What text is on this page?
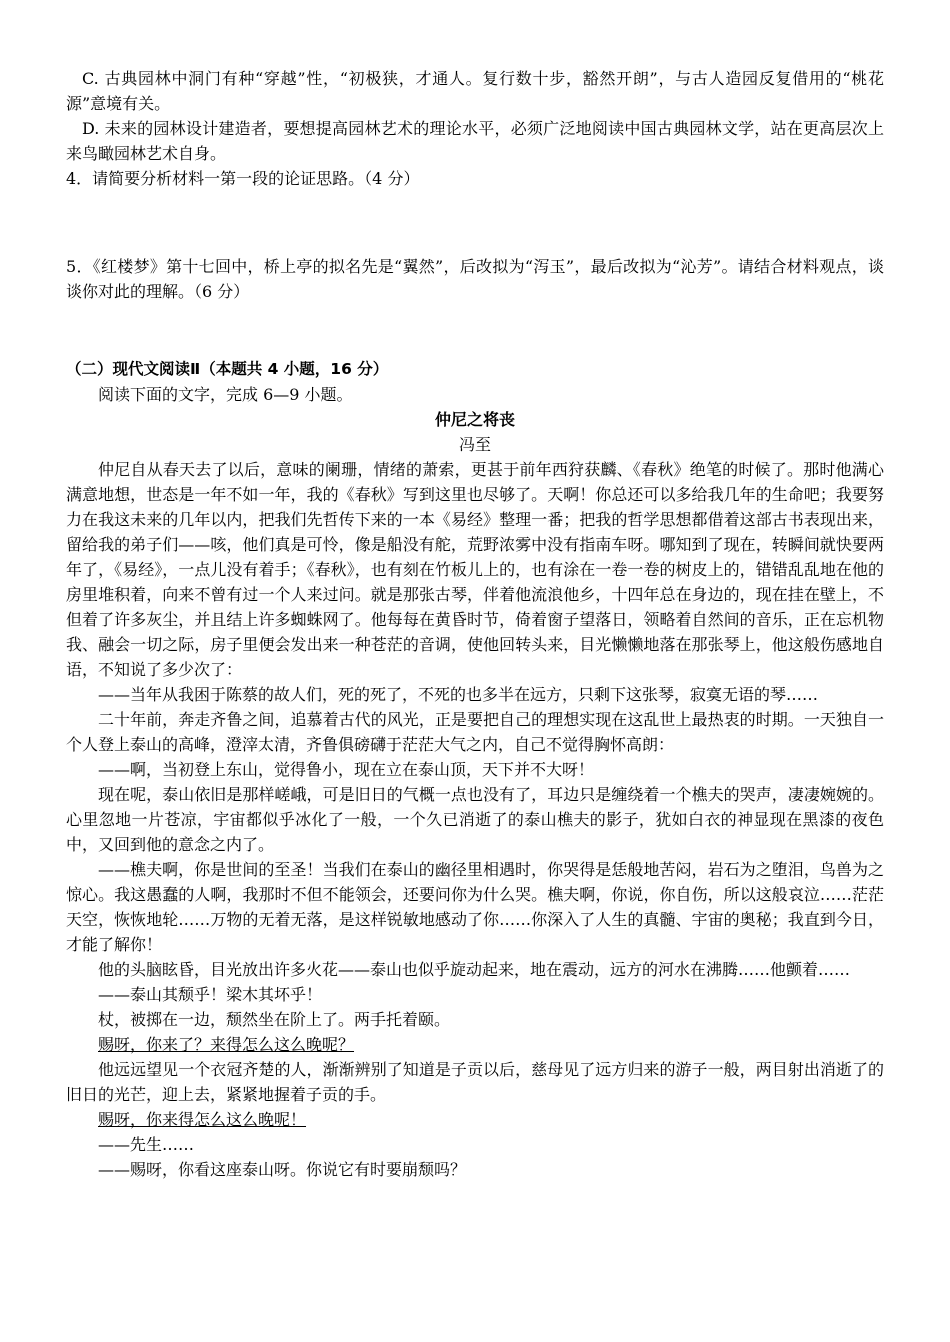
C. 古典园林中洞门有种“穿越”性，“初极狭，才通人。复行数十步，豁然开朗”，与古人造园反复借用的“桃花源”意境有关。

D. 未来的园林设计建造者，要想提高园林艺术的理论水平，必须广泛地阅读中国古典园林文学，站在更高层次上来鸟瞰园林艺术自身。

4．请简要分析材料一第一段的论证思路。（4 分）

5．《红楼梦》第十七回中，桥上亭的拟名先是“翼然”，后改拟为“泻玉”，最后改拟为“沁芳”。请结合材料观点，谈谈你对此的理解。（6 分）

（二）现代文阅读Ⅱ（本题共 4 小题，16 分）

阅读下面的文字，完成 6—9 小题。

仲尼之将丧

冯至

仲尼自从春天去了以后，意味的阑珊，情绪的萧索，更甚于前年西狩获麟、《春秋》绝笔的时候了。那时他满心满意地想，世态是一年不如一年，我的《春秋》写到这里也尽够了。天啊！你总还可以多给我几年的生命吧；我要努力在我这未来的几年以内，把我们先哲传下来的一本《易经》整理一番；把我的哲学思想都借着这部古书表现出来，留给我的弟子们——咳，他们真是可怜，像是船没有舵，荒野浓雾中没有指南车呀。哪知到了现在，转瞬间就快要两年了，《易经》，一点儿没有着手；《春秋》，也有刻在竹板儿上的，也有涂在一卷一卷的树皮上的，错错乱乱地在他的房里堆积着，向来不曾有过一个人来过问。就是那张古琴，伴着他流浪他乡，十四年总在身边的，现在挂在壁上，不但着了许多灰尘，并且结上许多蜘蛛网了。他每每在黄昏时节，倚着窗子望落日，领略着自然间的音乐，正在忘机物我、融会一切之际，房子里便会发出来一种苍茫的音调，使他回转头来，目光懒懒地落在那张琴上，他这般伤感地自语，不知说了多少次了：

——当年从我困于陈蔡的故人们，死的死了，不死的也多半在远方，只剩下这张琴，寂寞无语的琴……

二十年前，奔走齐鲁之间，追慕着古代的风光，正是要把自己的理想实现在这乱世上最热衷的时期。一天独自一个人登上泰山的高峰，澄滓太清，齐鲁俱磅礴于茫茫大气之内，自己不觉得胸怀高朗：

——啊，当初登上东山，觉得鲁小，现在立在泰山顶，天下并不大呀！

现在呢，泰山依旧是那样嵯峨，可是旧日的气概一点也没有了，耳边只是缠绕着一个樵夫的哭声，凄凄婉婉的。心里忽地一片苍凉，宇宙都似乎冰化了一般，一个久已消逝了的泰山樵夫的影子，犹如白衣的神显现在黑漆的夜色中，又回到他的意念之内了。

——樵夫啊，你是世间的至圣！当我们在泰山的幽径里相遇时，你哭得是恁般地苦闷，岩石为之堕泪，鸟兽为之惊心。我这愚蠢的人啊，我那时不但不能领会，还要问你为什么哭。樵夫啊，你说，你自伤，所以这般哀泣……茫茫天空，恢恢地轮……万物的无着无落，是这样锐敏地感动了你……你深入了人生的真髓、宇宙的奥秘；我直到今日，才能了解你！

他的头脑眩昏，目光放出许多火花——泰山也似乎旋动起来，地在震动，远方的河水在沸腾……他颤着……

——泰山其颓乎！梁木其坏乎！

杖，被掷在一边，颓然坐在阶上了。两手托着颐。

赐呀，你来了？来得怎么这么晚呢？

他远远望见一个衣冠齐楚的人，渐渐辨别了知道是子贡以后，慈母见了远方归来的游子一般，两目射出消逝了的旧日的光芒，迎上去，紧紧地握着子贡的手。

赐呀，你来得怎么这么晚呢！

——先生……

——赐呀，你看这座泰山呀。你说它有时要崩颓吗？
